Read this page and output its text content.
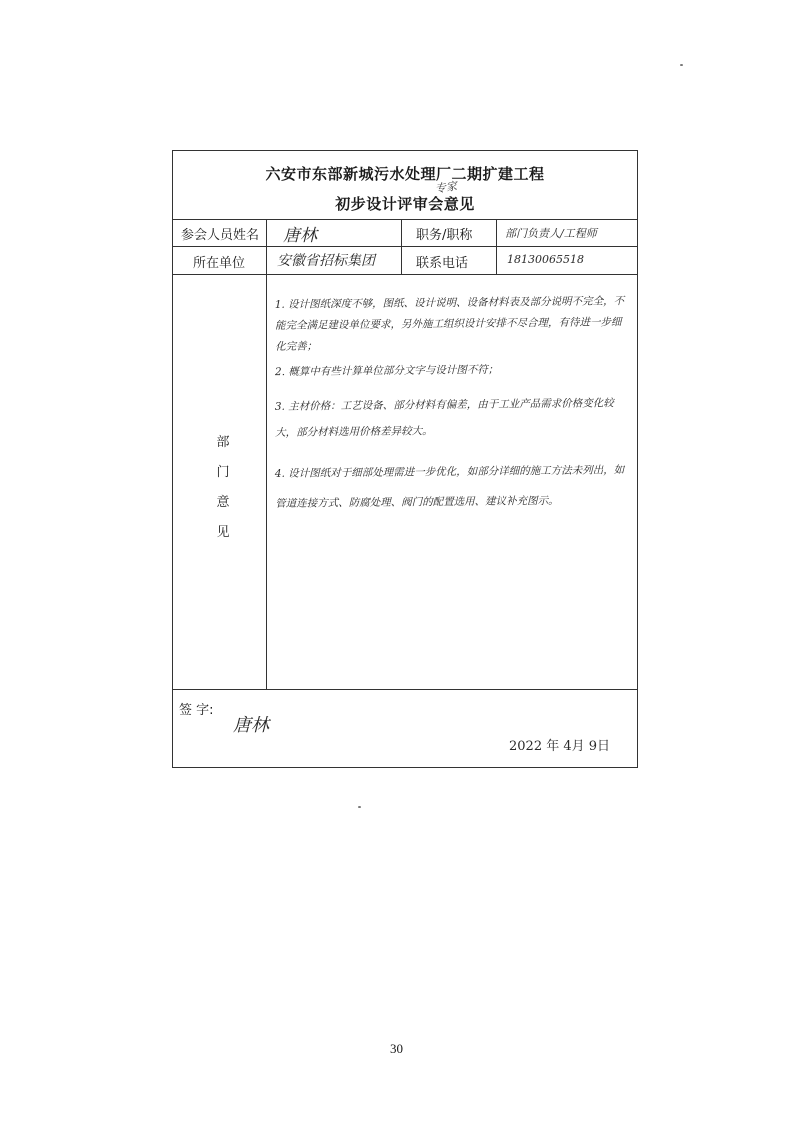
六安市东部新城污水处理厂二期扩建工程
初步设计评审会意见
专家
参会人员姓名 唐林	职务/职称	部门负责人/工程师
所在单位 安徽省招标集团	联系电话	18130065518
部门意见
1. 设计图纸深度不够，图纸、设计说明、设备材料表及部分说明不完全，不能完全满足建设单位要求，另外施工组织设计安排不尽合理，有待进一步细化完善；
2. 概算中有些计算单位部分文字与设计图不符；
3. 主材价格：工艺设备、部分材料有偏差，由于工业产品需求价格变化较大，部分材料选用价格差异较大。
4. 设计图纸对于细部处理需进一步优化，如部分详细的施工方法未列出，如管道连接方式、防腐处理、阀门的配置选用、建议补充图示。
签 字:
唐林
2022 年 4月 9日
30
